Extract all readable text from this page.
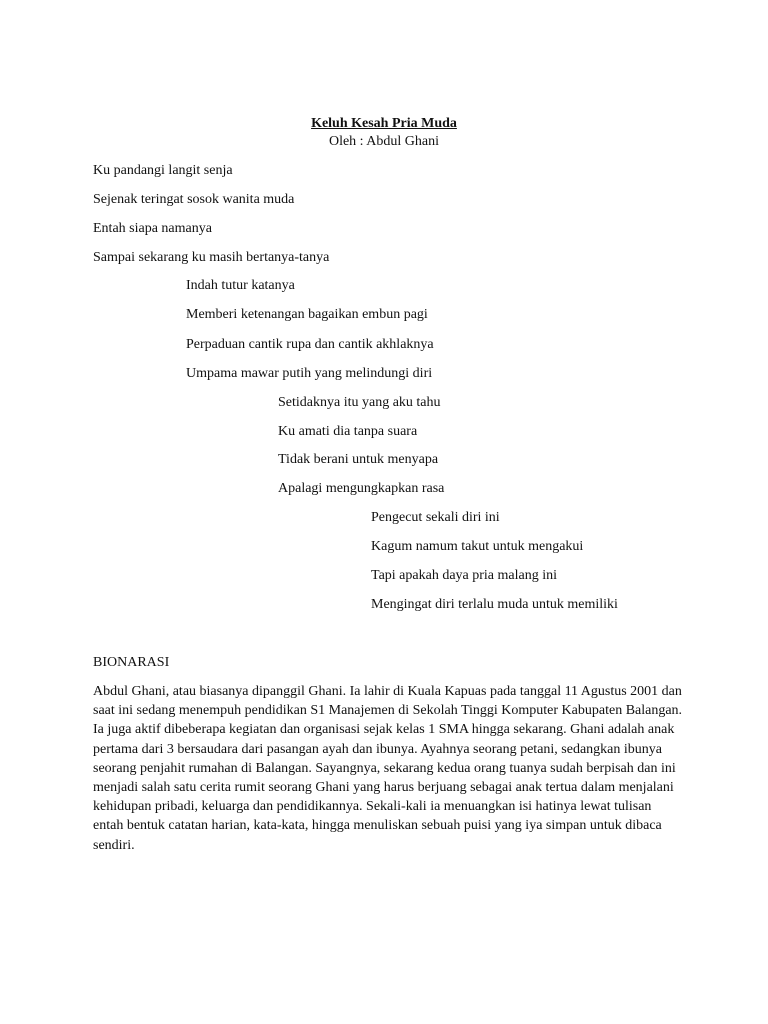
Keluh Kesah Pria Muda
Oleh : Abdul Ghani
Ku pandangi langit senja
Sejenak teringat sosok wanita muda
Entah siapa namanya
Sampai sekarang ku masih bertanya-tanya
Indah tutur katanya
Memberi ketenangan bagaikan embun pagi
Perpaduan cantik rupa dan cantik akhlaknya
Umpama mawar putih yang melindungi diri
Setidaknya itu yang aku tahu
Ku amati dia tanpa suara
Tidak berani untuk menyapa
Apalagi mengungkapkan rasa
Pengecut sekali diri ini
Kagum namum takut untuk mengakui
Tapi apakah daya pria malang ini
Mengingat diri terlalu muda untuk memiliki
BIONARASI
Abdul Ghani, atau biasanya dipanggil Ghani. Ia lahir di Kuala Kapuas pada tanggal 11 Agustus 2001 dan saat ini sedang menempuh pendidikan S1 Manajemen di Sekolah Tinggi Komputer Kabupaten Balangan. Ia juga aktif dibeberapa kegiatan dan organisasi sejak kelas 1 SMA hingga sekarang. Ghani adalah anak pertama dari 3 bersaudara dari pasangan ayah dan ibunya. Ayahnya seorang petani, sedangkan ibunya seorang penjahit rumahan di Balangan. Sayangnya, sekarang kedua orang tuanya sudah berpisah dan ini menjadi salah satu cerita rumit seorang Ghani yang harus berjuang sebagai anak tertua dalam menjalani kehidupan pribadi, keluarga dan pendidikannya. Sekali-kali ia menuangkan isi hatinya lewat tulisan entah bentuk catatan harian, kata-kata, hingga menuliskan sebuah puisi yang iya simpan untuk dibaca sendiri.
